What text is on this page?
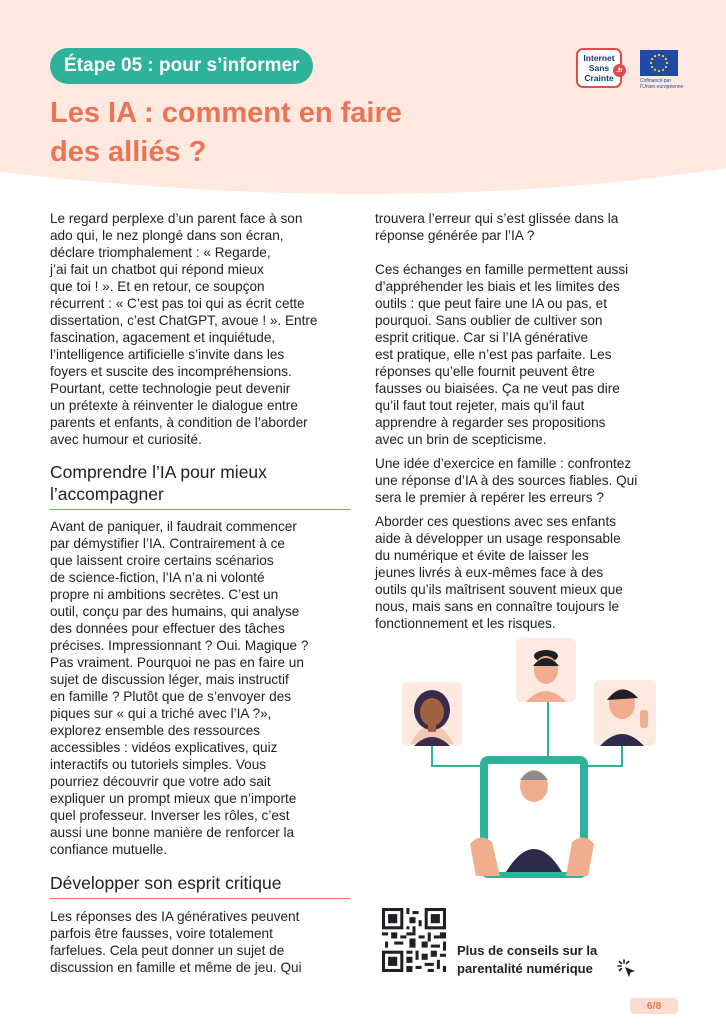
Étape 05 : pour s’informer
Les IA : comment en faire
des alliés ?
Internet
Sans
Crainte
.fr
Cofinancé par
l’Union européenne

Le regard perplexe d’un parent face à son

ado qui, le nez plongé dans son écran,

déclare triomphalement : « Regarde,

j’ai fait un chatbot qui répond mieux

que toi ! ». Et en retour, ce soupçon

récurrent : « C’est pas toi qui as écrit cette

dissertation, c’est ChatGPT, avoue ! ». Entre

fascination, agacement et inquiétude,

l’intelligence artificielle s’invite dans les

foyers et suscite des incompréhensions.

Pourtant, cette technologie peut devenir

un prétexte à réinventer le dialogue entre

parents et enfants, à condition de l’aborder

avec humour et curiosité.

Comprendre l’IA pour mieux
l’accompagner

Avant de paniquer, il faudrait commencer

par démystifier l’IA. Contrairement à ce

que laissent croire certains scénarios

de science-fiction, l’IA n’a ni volonté

propre ni ambitions secrètes. C’est un

outil, conçu par des humains, qui analyse

des données pour effectuer des tâches

précises. Impressionnant ? Oui. Magique ?

Pas vraiment. Pourquoi ne pas en faire un

sujet de discussion léger, mais instructif

en famille ? Plutôt que de s’envoyer des

piques sur « qui a triché avec l’IA ?»,

explorez ensemble des ressources

accessibles : vidéos explicatives, quiz

interactifs ou tutoriels simples. Vous

pourriez découvrir que votre ado sait

expliquer un prompt mieux que n’importe

quel professeur. Inverser les rôles, c’est

aussi une bonne manière de renforcer la

confiance mutuelle.

Développer son esprit critique

Les réponses des IA génératives peuvent

parfois être fausses, voire totalement

farfelues. Cela peut donner un sujet de

discussion en famille et même de jeu. Qui

trouvera l’erreur qui s’est glissée dans la

réponse générée par l’IA ?

Ces échanges en famille permettent aussi

d’appréhender les biais et les limites des

outils : que peut faire une IA ou pas, et

pourquoi. Sans oublier de cultiver son

esprit critique. Car si l’IA générative

est pratique, elle n’est pas parfaite. Les

réponses qu’elle fournit peuvent être

fausses ou biaisées. Ça ne veut pas dire

qu’il faut tout rejeter, mais qu’il faut

apprendre à regarder ses propositions

avec un brin de scepticisme.

Une idée d’exercice en famille : confrontez

une réponse d’IA à des sources fiables. Qui

sera le premier à repérer les erreurs ?

Aborder ces questions avec ses enfants

aide à développer un usage responsable

du numérique et évite de laisser les

jeunes livrés à eux-mêmes face à des

outils qu’ils maîtrisent souvent mieux que

nous, mais sans en connaître toujours le

fonctionnement et les risques.

Plus de conseils sur la
parentalité numérique
6/8
